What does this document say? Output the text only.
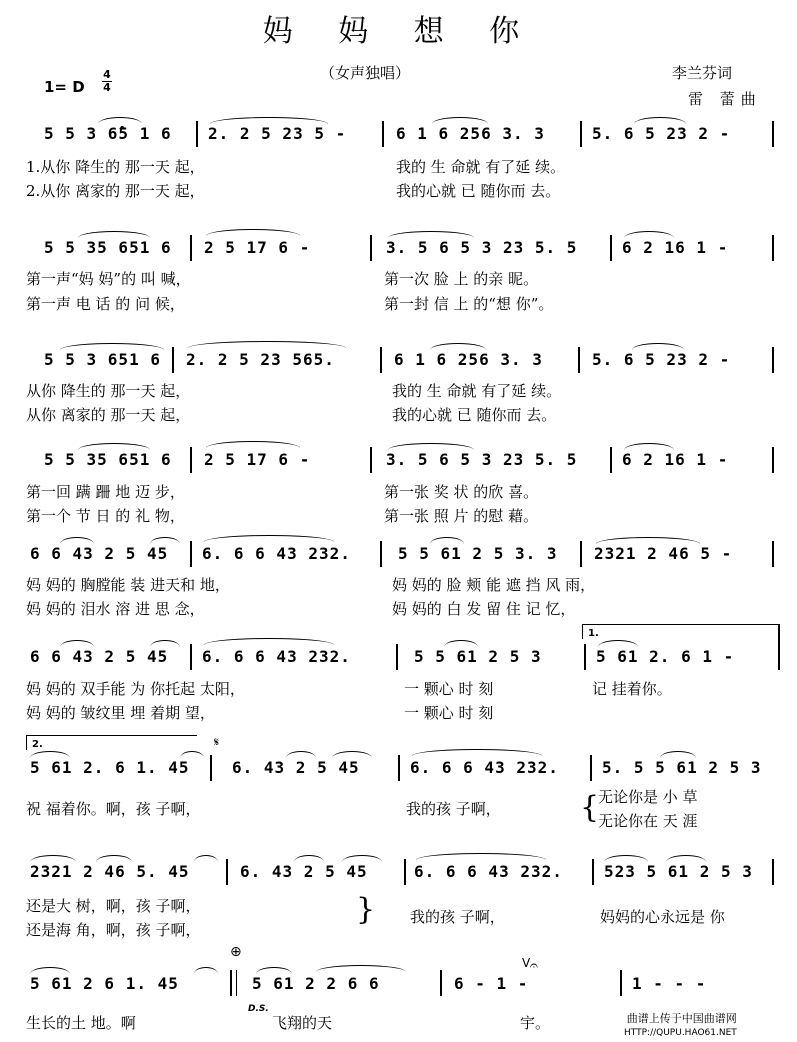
妈 妈 想 你
（女声独唱）
1= D
4
4
李兰芬词
雷 蕾曲
5 5 3 6̂5 1 6 2. 2 5 23 5 -	6 1 6 256 3. 3	5. 6 5 23 2 -
1.从你 降生的 那一天 起，	我的 生 命就 有了延 续。
2.从你 离家的 那一天 起，	我的心就 已 随你而 去。
5 5 35 651 6 2 5 17 6 -	3. 5 6 5 3 23 5. 5	6 2 16 1 -
第一声“妈 妈”的 叫 喊，	第一次 脸 上 的亲 昵。
第一声 电 话 的 问 候，	第一封 信 上 的“想 你”。
5 5 3 651 6 2. 2 5 23 565.	6 1 6 256 3. 3	5. 6 5 23 2 -
从你 降生的 那一天 起，	我的 生 命就 有了延 续。
从你 离家的 那一天 起，	我的心就 已 随你而 去。
5 5 35 651 6 2 5 17 6 -	3. 5 6 5 3 23 5. 5	6 2 16 1 -
第一回 蹒 跚 地 迈 步，	第一张 奖 状 的欣 喜。
第一个 节 日 的 礼 物，	第一张 照 片 的慰 藉。
6 6 43 2 5 45 6. 6 6 43 232.	5 5 61 2 5 3. 3 2321 2 46 5 -
妈 妈的 胸膛能 装 进天和 地，	妈 妈的 脸 颊 能 遮 挡 风 雨，
妈 妈的 泪水 溶 进 思 念，	妈 妈的 白 发 留 住 记 忆，
1.
6 6 43 2 5 45 6. 6 6 43 232.	5 5 61 2 5 3	5 61 2. 6 1 -
妈 妈的 双手能 为 你托起 太阳，	一 颗心 时 刻	记 挂着你。
妈 妈的 皱纹里 埋 着期 望，	一 颗心 时 刻
2.	𝄋
5 61 2. 6 1. 45	6. 43 2 5 45	6. 6 6 43 232.	5. 5 5 61 2 5 3
祝 福着你。啊，孩 子啊，	我的孩 子啊，	{
无论你是 小 草
无论你在 天 涯
2321 2 46 5. 45	6. 43 2 5 45	6. 6 6 43 232.	523 5 61 2 5 3
还是大 树，啊，孩 子啊，
还是海 角，啊，孩 子啊，
} 我的孩 子啊，	妈妈的心永远是 你
⊕
5 61 2 6 1. 45	5 61 2 2 6 6
V 𝄐
6 - 1 -	1 - - -
生长的土 地。啊
D.S.
飞翔的天	宇。	曲谱上传于中国曲谱网
HTTP://QUPU.HAO61.NET
